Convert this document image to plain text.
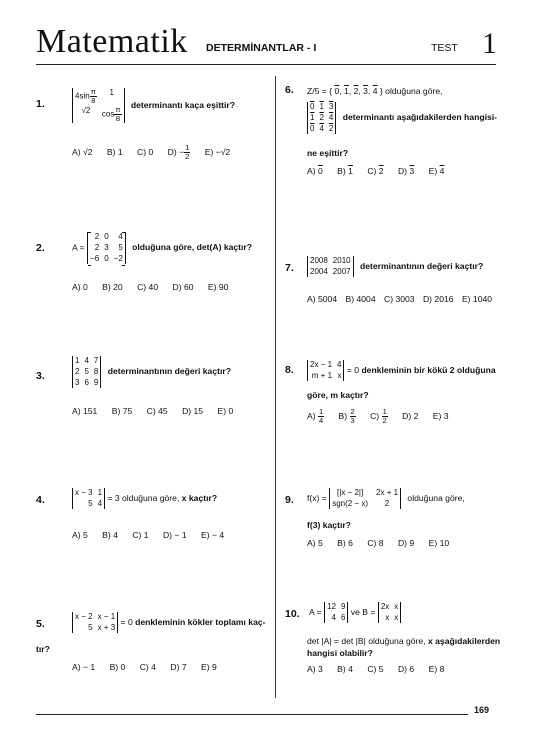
Matematik DETERMİNANTLAR - I	TEST 1
1.
$4\sin \frac{\pi}{8}$	1
√2	$\cos \frac{\pi}{8}$
determinantı kaça eşittir?
A) √2 B) 1 C) 0 $D) - \frac{1}{2} E) -√2$
2.	A =
2 0	4
2 3	5
−6 0 −2
olduğuna göre, det(A) kaçtır?
A) 0 B) 20 C) 40 D) 60 E) 90
3.
1 4 7
2 5 8
3 6 9
determinantının değeri kaçtır?
A) 151 B) 75 C) 45 D) 15 E) 0
4.
x − 3 1
5 4
= 3 olduğuna göre, x kaçtır?
A) 5 B) 4 C) 1 D) − 1 E) − 4
5.
x − 2 x − 1
5 x + 3
= 0 denkleminin kökler toplamı kaç-
tır?
A) − 1 B) 0 C) 4 D) 7 E) 9
6. Z/5 = { 0, 1, 2, 3, 4 } olduğuna göre,
0 1 3
1 2 4
0 4 2
determinantı aşağıdakilerden hangisi-
ne eşittir?
A) 0 B) 1 C) 2 D) 3 E) 4
7.
2008 2010
2004 2007
determinantının değeri kaçtır?
A) 5004 B) 4004 C) 3003 D) 2016 E) 1040
8. 2x − 1 4
m + 1 x
= 0 denkleminin bir kökü 2 olduğuna
göre, m kaçtır?
$A) \frac{1}{4} B) \frac{2}{3} C) \frac{1}{2} D$) 2 E) 3
9. f(x) =
[|x − 2|]	2x + 1
sgn(2 − x)	2
olduğuna göre,
f(3) kaçtır?
A) 5 B) 6 C) 8 D) 9 E) 10
10. A =
12 9
4 6
ve B =
2x x
x x
det |A| = det |B| olduğuna göre, x aşağıdakilerden
hangisi olabilir?
A) 3 B) 4 C) 5 D) 6 E) 8
169
